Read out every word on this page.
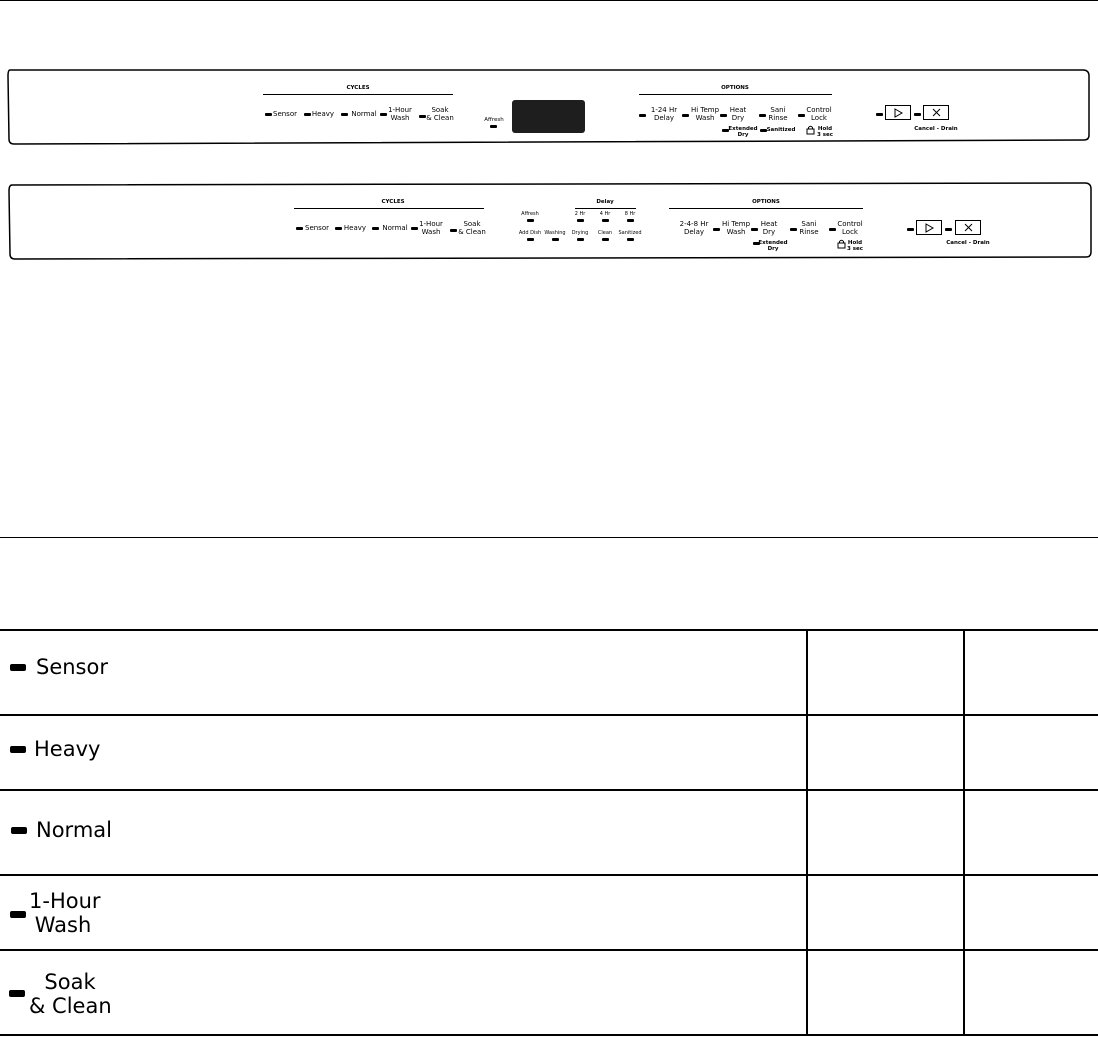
CYCLES
Sensor Heavy Normal 1-Hour
Wash
Soak
& Clean	Affresh
OPTIONS
1-24 Hr
Delay
Hi Temp
Wash
Heat
Dry
Sani
Rinse
Control
Lock
Extended
Dry
Sanitized	Hold
3 sec
Cancel - Drain
CYCLES
Sensor Heavy Normal 1-Hour
Wash
Soak
& Clean
Affresh
Add Dish Washing
Delay
2 Hr	4 Hr	8 Hr
Drying Clean Sanitized
OPTIONS
2-4-8 Hr
Delay
Hi Temp
Wash
Heat
Dry
Sani
Rinse
Control
Lock
Extended
Dry
Hold
3 sec
Cancel - Drain
Sensor
Heavy
Normal
1-Hour
Wash
Soak
& Clean
